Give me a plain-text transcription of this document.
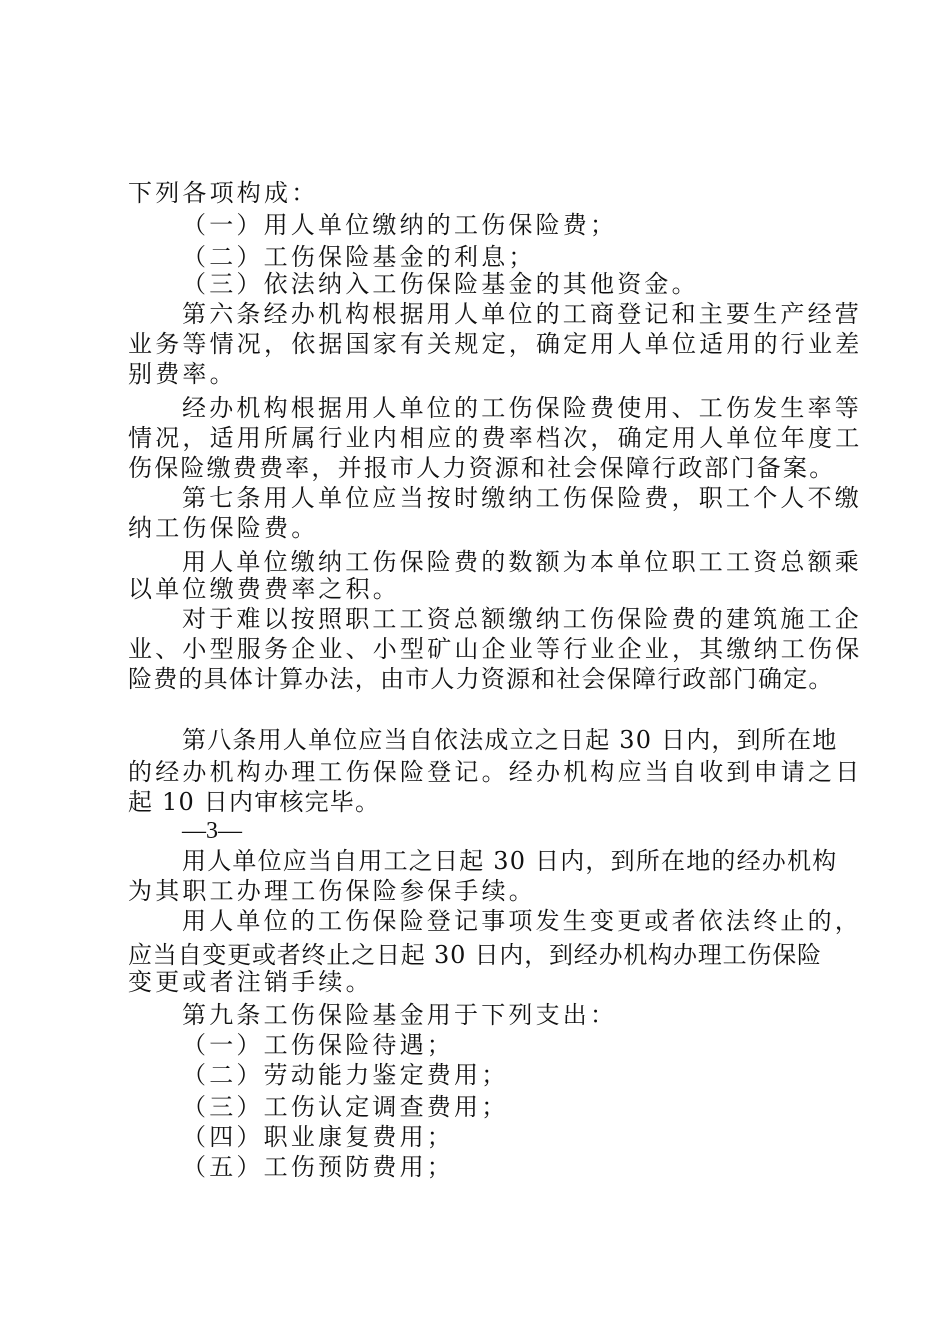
下列各项构成：
（一）用人单位缴纳的工伤保险费；
（二）工伤保险基金的利息；
（三）依法纳入工伤保险基金的其他资金。
第六条经办机构根据用人单位的工商登记和主要生产经营
业务等情况，依据国家有关规定，确定用人单位适用的行业差
别费率。
经办机构根据用人单位的工伤保险费使用、工伤发生率等
情况，适用所属行业内相应的费率档次，确定用人单位年度工
伤保险缴费费率，并报市人力资源和社会保障行政部门备案。
第七条用人单位应当按时缴纳工伤保险费，职工个人不缴
纳工伤保险费。
用人单位缴纳工伤保险费的数额为本单位职工工资总额乘
以单位缴费费率之积。
对于难以按照职工工资总额缴纳工伤保险费的建筑施工企
业、小型服务企业、小型矿山企业等行业企业，其缴纳工伤保
险费的具体计算办法，由市人力资源和社会保障行政部门确定。
第八条用人单位应当自依法成立之日起 30 日内，到所在地
的经办机构办理工伤保险登记。经办机构应当自收到申请之日
起 10 日内审核完毕。
—3—
用人单位应当自用工之日起 30 日内，到所在地的经办机构
为其职工办理工伤保险参保手续。
用人单位的工伤保险登记事项发生变更或者依法终止的，
应当自变更或者终止之日起 30 日内，到经办机构办理工伤保险
变更或者注销手续。
第九条工伤保险基金用于下列支出：
（一）工伤保险待遇；
（二）劳动能力鉴定费用；
（三）工伤认定调查费用；
（四）职业康复费用；
（五）工伤预防费用；
